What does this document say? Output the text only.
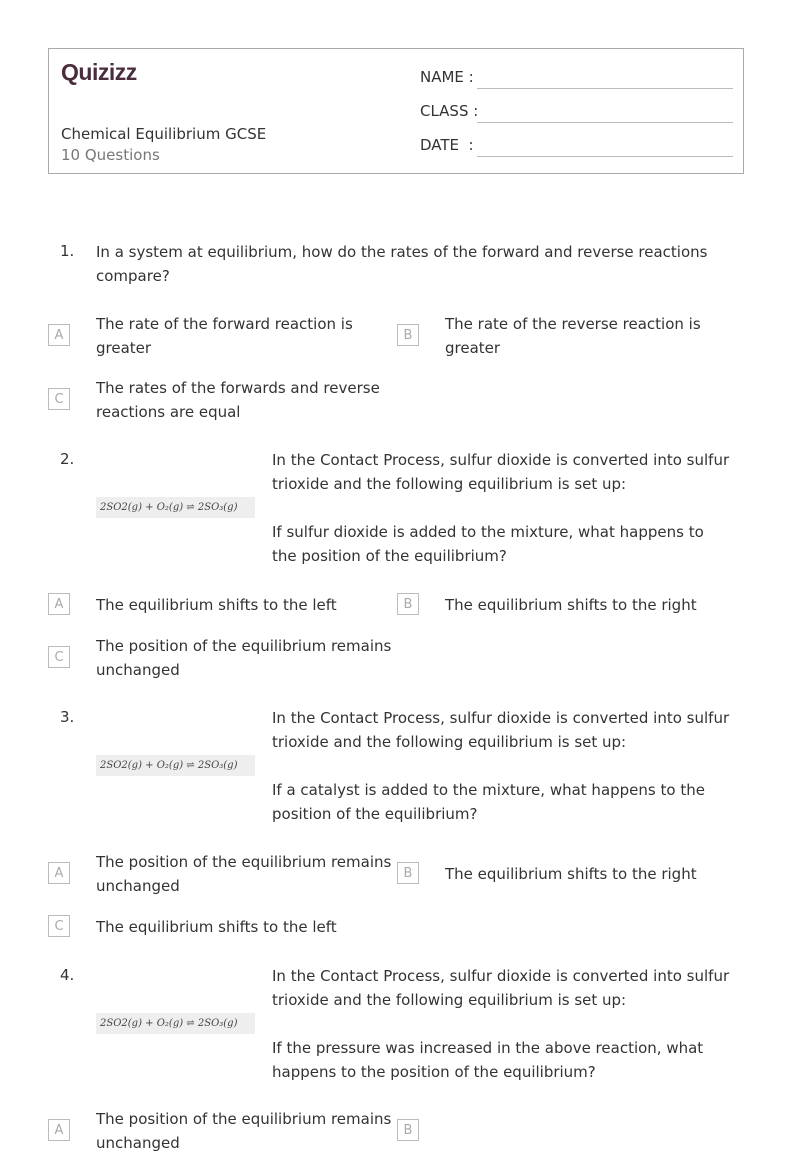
Quizizz
Chemical Equilibrium GCSE
10 Questions
NAME :
CLASS :
DATE  :
1. In a system at equilibrium, how do the rates of the forward and reverse reactions compare?
A
The rate of the forward reaction is greater
B
The rate of the reverse reaction is greater
C
The rates of the forwards and reverse reactions are equal
2.
2SO2(g) + O₂(g) ⇌ 2SO₃(g)
In the Contact Process, sulfur dioxide is converted into sulfur trioxide and the following equilibrium is set up:
If sulfur dioxide is added to the mixture, what happens to the position of the equilibrium?
A	The equilibrium shifts to the left	B	The equilibrium shifts to the right
C
The position of the equilibrium remains unchanged
3.
2SO2(g) + O₂(g) ⇌ 2SO₃(g)
In the Contact Process, sulfur dioxide is converted into sulfur trioxide and the following equilibrium is set up:
If a catalyst is added to the mixture, what happens to the position of the equilibrium?
A
The position of the equilibrium remains unchanged
B	The equilibrium shifts to the right
C	The equilibrium shifts to the left
4.
2SO2(g) + O₂(g) ⇌ 2SO₃(g)
In the Contact Process, sulfur dioxide is converted into sulfur trioxide and the following equilibrium is set up:
If the pressure was increased in the above reaction, what happens to the position of the equilibrium?
A
The position of the equilibrium remains unchanged
B
